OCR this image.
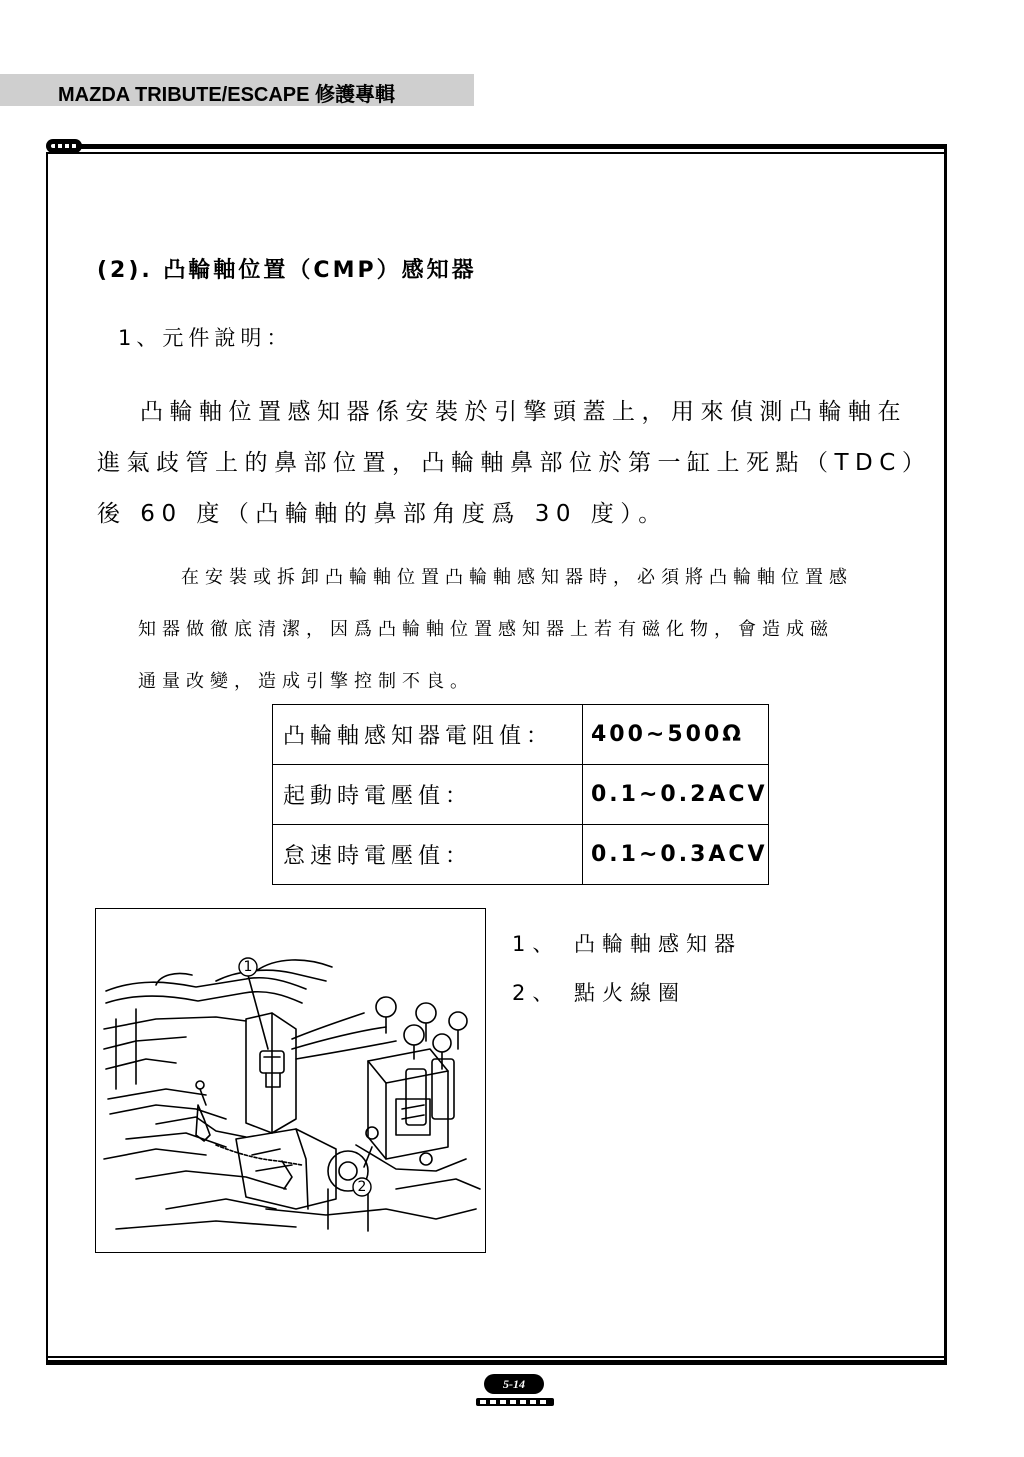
MAZDA TRIBUTE/ESCAPE 修護專輯
(2). 凸輪軸位置（CMP）感知器
1、元件說明：
凸輪軸位置感知器係安裝於引擎頭蓋上，用來偵測凸輪軸在
進氣歧管上的鼻部位置，凸輪軸鼻部位於第一缸上死點（TDC）
後 60 度（凸輪軸的鼻部角度爲 30 度）。
在安裝或拆卸凸輪軸位置凸輪軸感知器時，必須將凸輪軸位置感
知器做徹底清潔，因爲凸輪軸位置感知器上若有磁化物，會造成磁
通量改變，造成引擎控制不良。
凸輪軸感知器電阻值：	400~500Ω
起動時電壓值：	0.1~0.2ACV
怠速時電壓值：	0.1~0.3ACV
1
2
1、 凸輪軸感知器
2、 點火線圈
5-14
